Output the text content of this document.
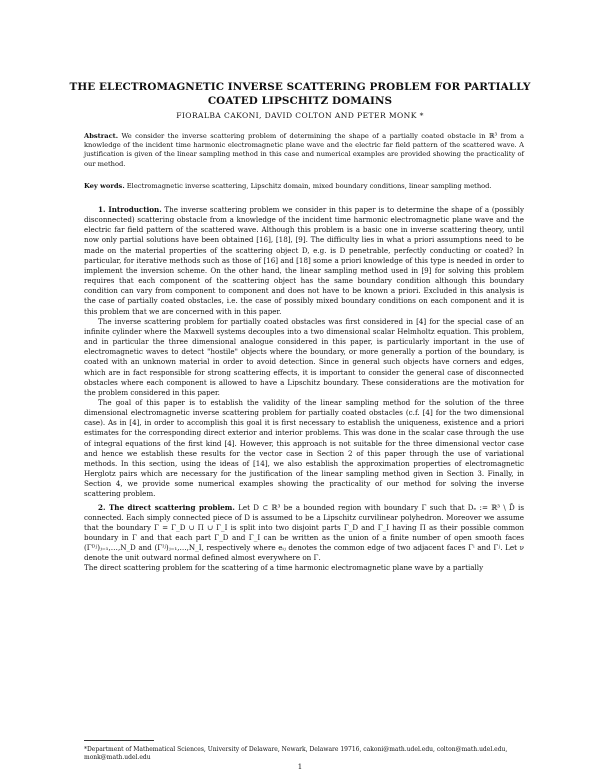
THE ELECTROMAGNETIC INVERSE SCATTERING PROBLEM FOR PARTIALLY
COATED LIPSCHITZ DOMAINS
FIORALBA CAKONI, DAVID COLTON AND PETER MONK *
Abstract. We consider the inverse scattering problem of determining the shape of a partially coated obstacle in ℝ³ from a knowledge of the incident time harmonic electromagnetic plane wave and the electric far field pattern of the scattered wave. A justification is given of the linear sampling method in this case and numerical examples are provided showing the practicality of our method.
Key words. Electromagnetic inverse scattering, Lipschitz domain, mixed boundary conditions, linear sampling method.

1. Introduction. The inverse scattering problem we consider in this paper is to determine the shape of a (possibly disconnected) scattering obstacle from a knowledge of the incident time harmonic electromagnetic plane wave and the electric far field pattern of the scattered wave. Although this problem is a basic one in inverse scattering theory, until now only partial solutions have been obtained [16], [18], [9]. The difficulty lies in what a priori assumptions need to be made on the material properties of the scattering object D, e.g. is D penetrable, perfectly conducting or coated? In particular, for iterative methods such as those of [16] and [18] some a priori knowledge of this type is needed in order to implement the inversion scheme. On the other hand, the linear sampling method used in [9] for solving this problem requires that each component of the scattering object has the same boundary condition although this boundary condition can vary from component to component and does not have to be known a priori. Excluded in this analysis is the case of partially coated obstacles, i.e. the case of possibly mixed boundary conditions on each component and it is this problem that we are concerned with in this paper.

The inverse scattering problem for partially coated obstacles was first considered in [4] for the special case of an infinite cylinder where the Maxwell systems decouples into a two dimensional scalar Helmholtz equation. This problem, and in particular the three dimensional analogue considered in this paper, is particularly important in the use of electromagnetic waves to detect "hostile" objects where the boundary, or more generally a portion of the boundary, is coated with an unknown material in order to avoid detection. Since in general such objects have corners and edges, which are in fact responsible for strong scattering effects, it is important to consider the general case of disconnected obstacles where each component is allowed to have a Lipschitz boundary. These considerations are the motivation for the problem considered in this paper.

The goal of this paper is to establish the validity of the linear sampling method for the solution of the three dimensional electromagnetic inverse scattering problem for partially coated obstacles (c.f. [4] for the two dimensional case). As in [4], in order to accomplish this goal it is first necessary to establish the uniqueness, existence and a priori estimates for the corresponding direct exterior and interior problems. This was done in the scalar case through the use of integral equations of the first kind [4]. However, this approach is not suitable for the three dimensional vector case and hence we establish these results for the vector case in Section 2 of this paper through the use of variational methods. In this section, using the ideas of [14], we also establish the approximation properties of electromagnetic Herglotz pairs which are necessary for the justification of the linear sampling method given in Section 3. Finally, in Section 4, we provide some numerical examples showing the practicality of our method for solving the inverse scattering problem.

2. The direct scattering problem. Let D ⊂ ℝ³ be a bounded region with boundary Γ such that Dₑ := ℝ³ \ D̄ is connected. Each simply connected piece of D is assumed to be a Lipschitz curvilinear polyhedron. Moreover we assume that the boundary Γ = Γ_D ∪ Π ∪ Γ_I is split into two disjoint parts Γ_D and Γ_I having Π as their possible common boundary in Γ and that each part Γ_D and Γ_I can be written as the union of a finite number of open smooth faces (Γᴰʲ)ⱼ₌₁,…,N_D and (Γᴵʲ)ⱼ₌₁,…,N_I, respectively where eᵢⱼ denotes the common edge of two adjacent faces Γⁱ and Γʲ. Let ν denote the unit outward normal defined almost everywhere on Γ.

The direct scattering problem for the scattering of a time harmonic electromagnetic plane wave by a partially

*Department of Mathematical Sciences, University of Delaware, Newark, Delaware 19716, cakoni@math.udel.edu, colton@math.udel.edu, monk@math.udel.edu
1
